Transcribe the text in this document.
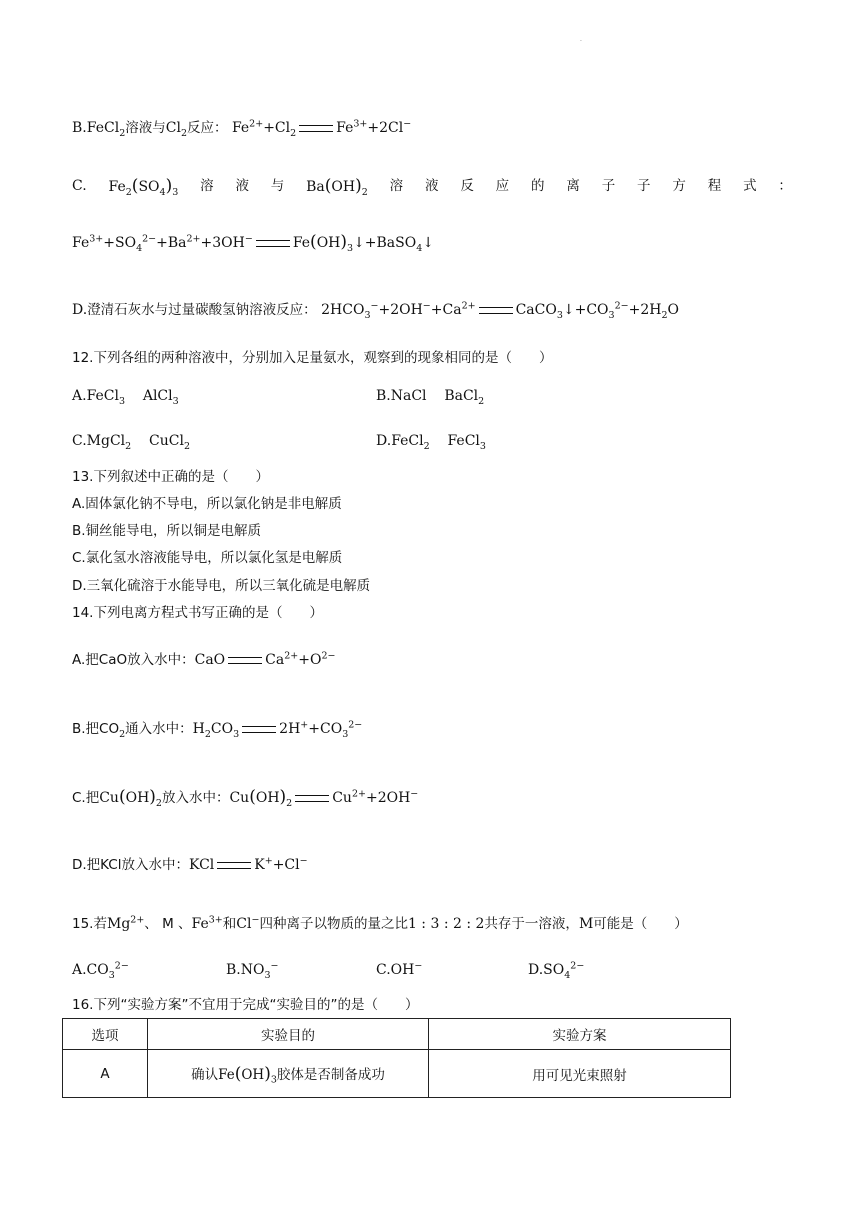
.
B.FeCl$_2$溶液与$Cl_2$反应： $Fe^{2+}+Cl_2$	$Fe^{3+}+2Cl^-$
C. $Fe_2(SO_4)_3$ 溶 液 与 $Ba(OH)_2$ 溶 液 反 应 的 离 子 子 方 程 式 ：
$Fe^{3+}+SO_4^{2-}+Ba^{2+}+3OH^-$	$Fe(OH)_3↓+BaSO_4↓$
D.澄清石灰水与过量碳酸氢钠溶液反应： $2HCO_3^-+2OH^-+Ca^{2+}$	$CaCO_3↓+CO_3^{2-}+2H_2O$
12.下列各组的两种溶液中，分别加入足量氨水，观察到的现象相同的是（　　）
A.FeCl$_3$    AlCl$_3$	B.NaCl    BaCl$_2$
C.MgCl$_2$    CuCl$_2$	D.FeCl$_2$    FeCl$_3$
13.下列叙述中正确的是（　　）
A.固体氯化钠不导电，所以氯化钠是非电解质
B.铜丝能导电，所以铜是电解质
C.氯化氢水溶液能导电，所以氯化氢是电解质
D.三氧化硫溶于水能导电，所以三氧化硫是电解质
14.下列电离方程式书写正确的是（　　）
A.把CaO放入水中：CaO	$Ca^{2+}+O^{2-}$
B.把$CO_2$通入水中：$H_2CO_3$	$2H^++CO_3^{2-}$
C.把$Cu(OH)_2$放入水中：$Cu(OH)_2$	$Cu^{2+}+2OH^-$
D.把KCl放入水中：KCl	K++Cl−
15.若$Mg^{2+}$、 M 、$Fe^{3+}$和Cl−四种离子以物质的量之比1 : 3 : 2 : 2共存于一溶液，M可能是（　　）
$A.CO_3^{2-}$	$B.NO_3^-$	C.OH−	$D.SO_4^{2-}$
16.下列“实验方案”不宜用于完成“实验目的”的是（　　）
选项	实验目的	实验方案
A	确认$Fe(OH)_3$胶体是否制备成功	用可见光束照射
